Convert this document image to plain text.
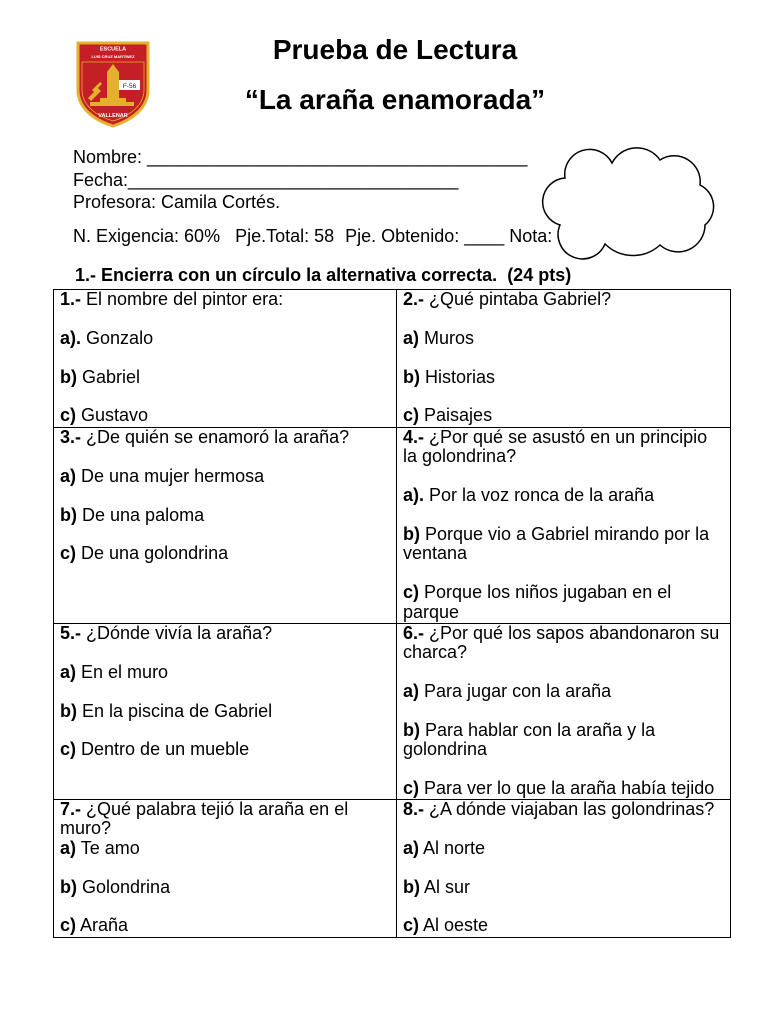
ESCUELA
LUIS CRUZ MARTINEZ
F-56
VALLENAR
Prueba de Lectura
“La araña enamorada”
Nombre: ______________________________________
Fecha:_________________________________
Profesora: Camila Cortés.
N. Exigencia: 60% Pje.Total: 58 Pje. Obtenido: ____ Nota:
1.- Encierra con un círculo la alternativa correcta. (24 pts)
1.- El nombre del pintor era:
a). Gonzalo
b) Gabriel
c) Gustavo
2.- ¿Qué pintaba Gabriel?
a) Muros
b) Historias
c) Paisajes
3.- ¿De quién se enamoró la araña?
a) De una mujer hermosa
b) De una paloma
c) De una golondrina
4.- ¿Por qué se asustó en un principio la golondrina?
a). Por la voz ronca de la araña
b) Porque vio a Gabriel mirando por la ventana
c) Porque los niños jugaban en el parque
5.- ¿Dónde vivía la araña?
a) En el muro
b) En la piscina de Gabriel
c) Dentro de un mueble
6.- ¿Por qué los sapos abandonaron su charca?
a) Para jugar con la araña
b) Para hablar con la araña y la golondrina
c) Para ver lo que la araña había tejido
7.- ¿Qué palabra tejió la araña en el muro?
a) Te amo
b) Golondrina
c) Araña
8.- ¿A dónde viajaban las golondrinas?
a) Al norte
b) Al sur
c) Al oeste
